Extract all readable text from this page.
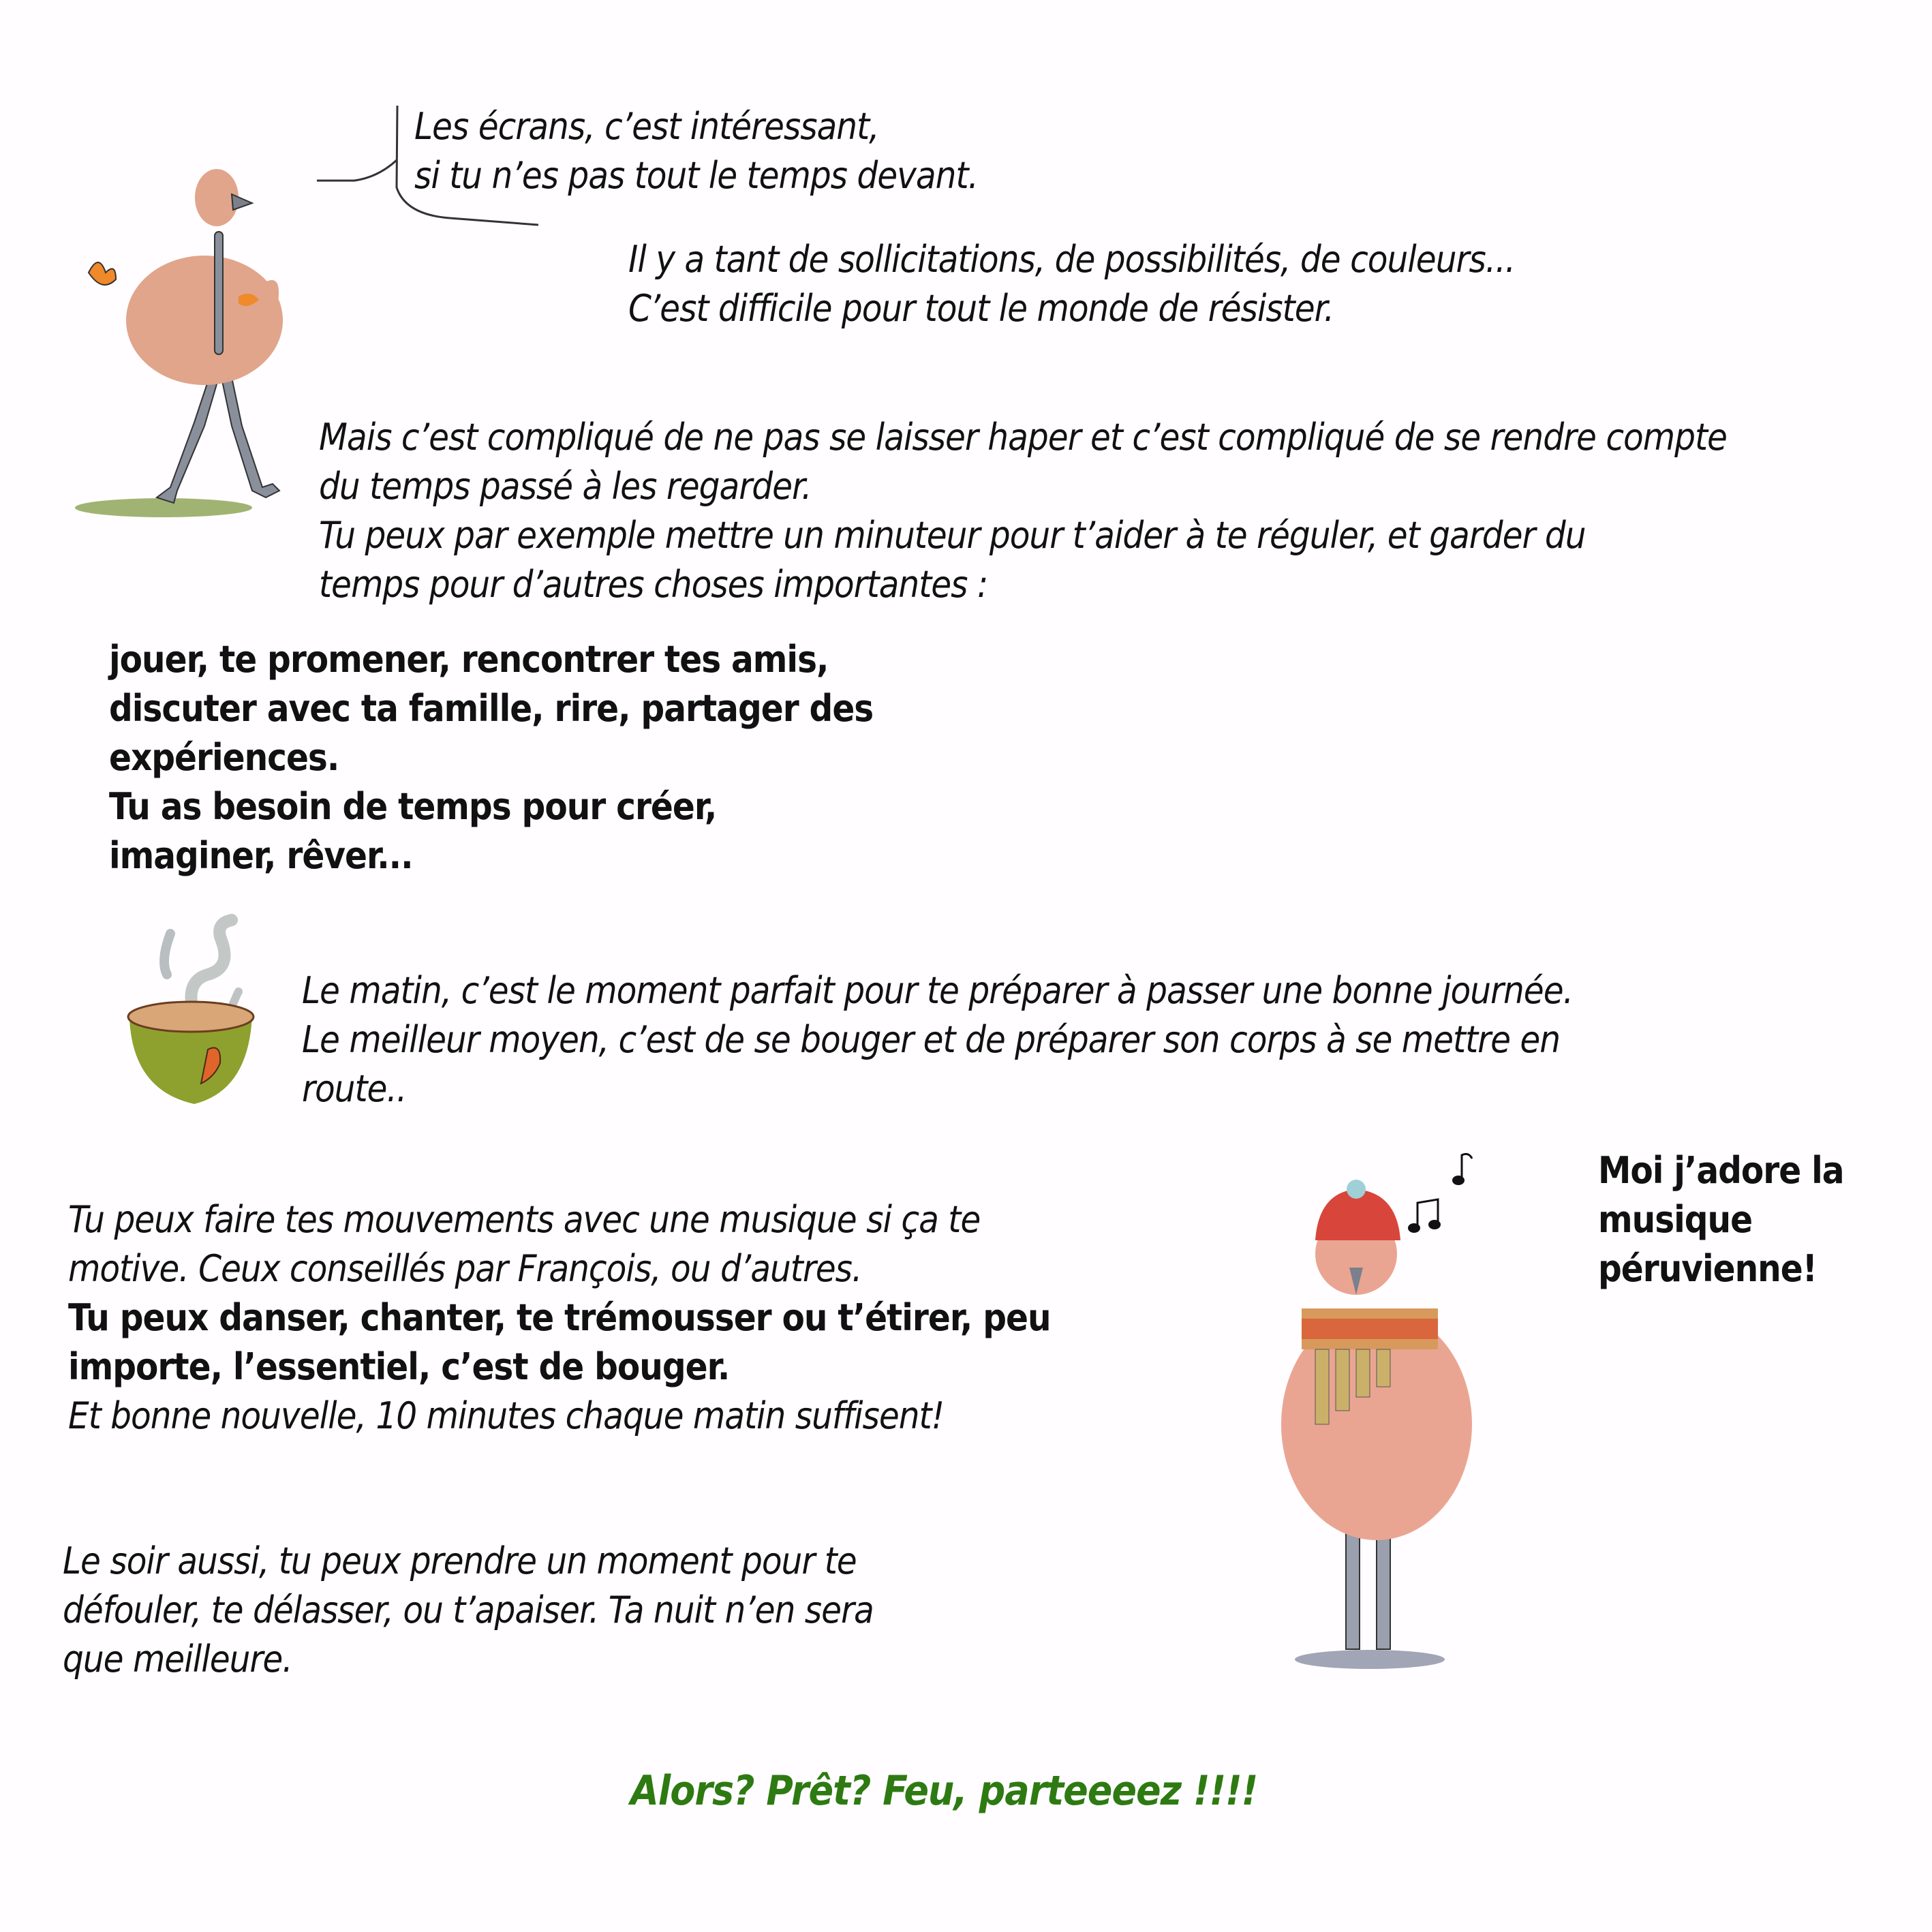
Les écrans, c’est intéressant,
si tu n’es pas tout le temps devant.
Il y a tant de sollicitations, de possibilités, de couleurs...
C’est difficile pour tout le monde de résister.
Mais c’est compliqué de ne pas se laisser haper et c’est compliqué de se rendre compte
du temps passé à les regarder.
Tu peux par exemple mettre un minuteur pour t’aider à te réguler, et garder du
temps pour d’autres choses importantes :
jouer, te promener, rencontrer tes amis,
discuter avec ta famille, rire, partager des
expériences.
Tu as besoin de temps pour créer,
imaginer, rêver...
Le matin, c’est le moment parfait pour te préparer à passer une bonne journée.
Le meilleur moyen, c’est de se bouger et de préparer son corps à se mettre en
route..
Tu peux faire tes mouvements avec une musique si ça te
motive. Ceux conseillés par François, ou d’autres.
Tu peux danser, chanter, te trémousser ou t’étirer, peu
importe, l’essentiel, c’est de bouger.
Et bonne nouvelle, 10 minutes chaque matin suffisent!
Moi j’adore la
musique
péruvienne!
Le soir aussi, tu peux prendre un moment pour te
défouler, te délasser, ou t’apaiser. Ta nuit n’en sera
que meilleure.
Alors? Prêt? Feu, parteeeez !!!!
